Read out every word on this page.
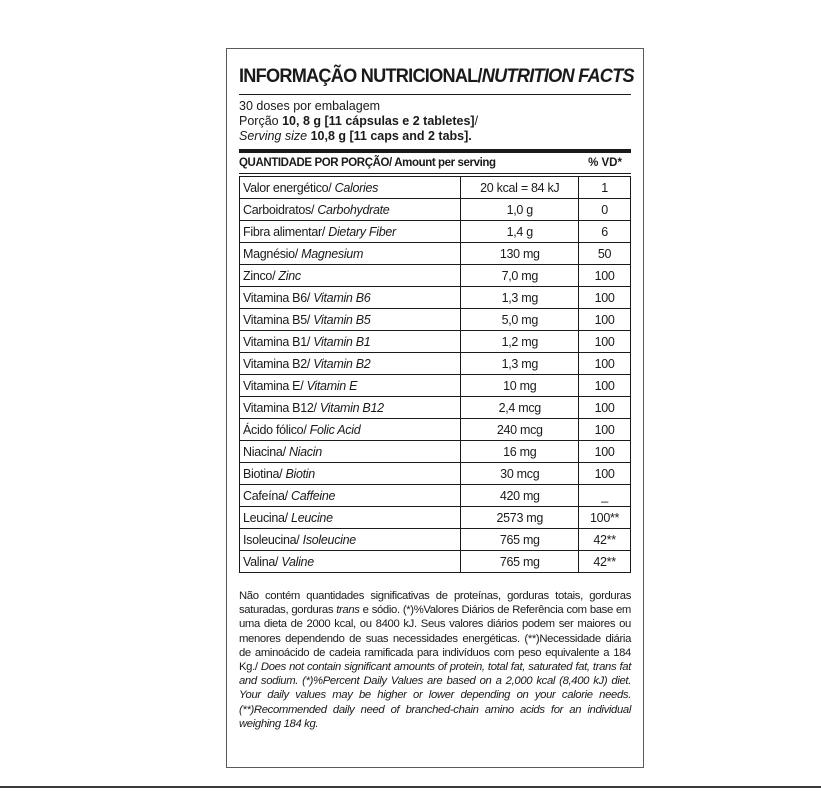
INFORMAÇÃO NUTRICIONAL/NUTRITION FACTS
30 doses por embalagem
Porção 10, 8 g [11 cápsulas e 2 tabletes]/
Serving size 10,8 g [11 caps and 2 tabs].
QUANTIDADE POR PORÇÃO/ Amount per serving	% VD*
Valor energético/ Calories	20 kcal = 84 kJ	1
Carboidratos/ Carbohydrate	1,0 g	0
Fibra alimentar/ Dietary Fiber	1,4 g	6
Magnésio/ Magnesium	130 mg	50
Zinco/ Zinc	7,0 mg	100
Vitamina B6/ Vitamin B6	1,3 mg	100
Vitamina B5/ Vitamin B5	5,0 mg	100
Vitamina B1/ Vitamin B1	1,2 mg	100
Vitamina B2/ Vitamin B2	1,3 mg	100
Vitamina E/ Vitamin E	10 mg	100
Vitamina B12/ Vitamin B12	2,4 mcg	100
Ácido fólico/ Folic Acid	240 mcg	100
Niacina/ Niacin	16 mg	100
Biotina/ Biotin	30 mcg	100
Cafeína/ Caffeine	420 mg	_
Leucina/ Leucine	2573 mg	100**
Isoleucina/ Isoleucine	765 mg	42**
Valina/ Valine	765 mg	42**
Não contém quantidades significativas de proteínas, gorduras totais, gorduras saturadas, gorduras trans e sódio. (*)%Valores Diários de Referência com base em uma dieta de 2000 kcal, ou 8400 kJ. Seus valores diários podem ser maiores ou menores dependendo de suas necessidades energéticas. (**)Necessidade diária de aminoácido de cadeia ramificada para indivíduos com peso equivalente a 184 Kg./ Does not contain significant amounts of protein, total fat, saturated fat, trans fat and sodium. (*)%Percent Daily Values are based on a 2,000 kcal (8,400 kJ) diet. Your daily values may be higher or lower depending on your calorie needs. (**)Recommended daily need of branched-chain amino acids for an individual weighing 184 kg.
